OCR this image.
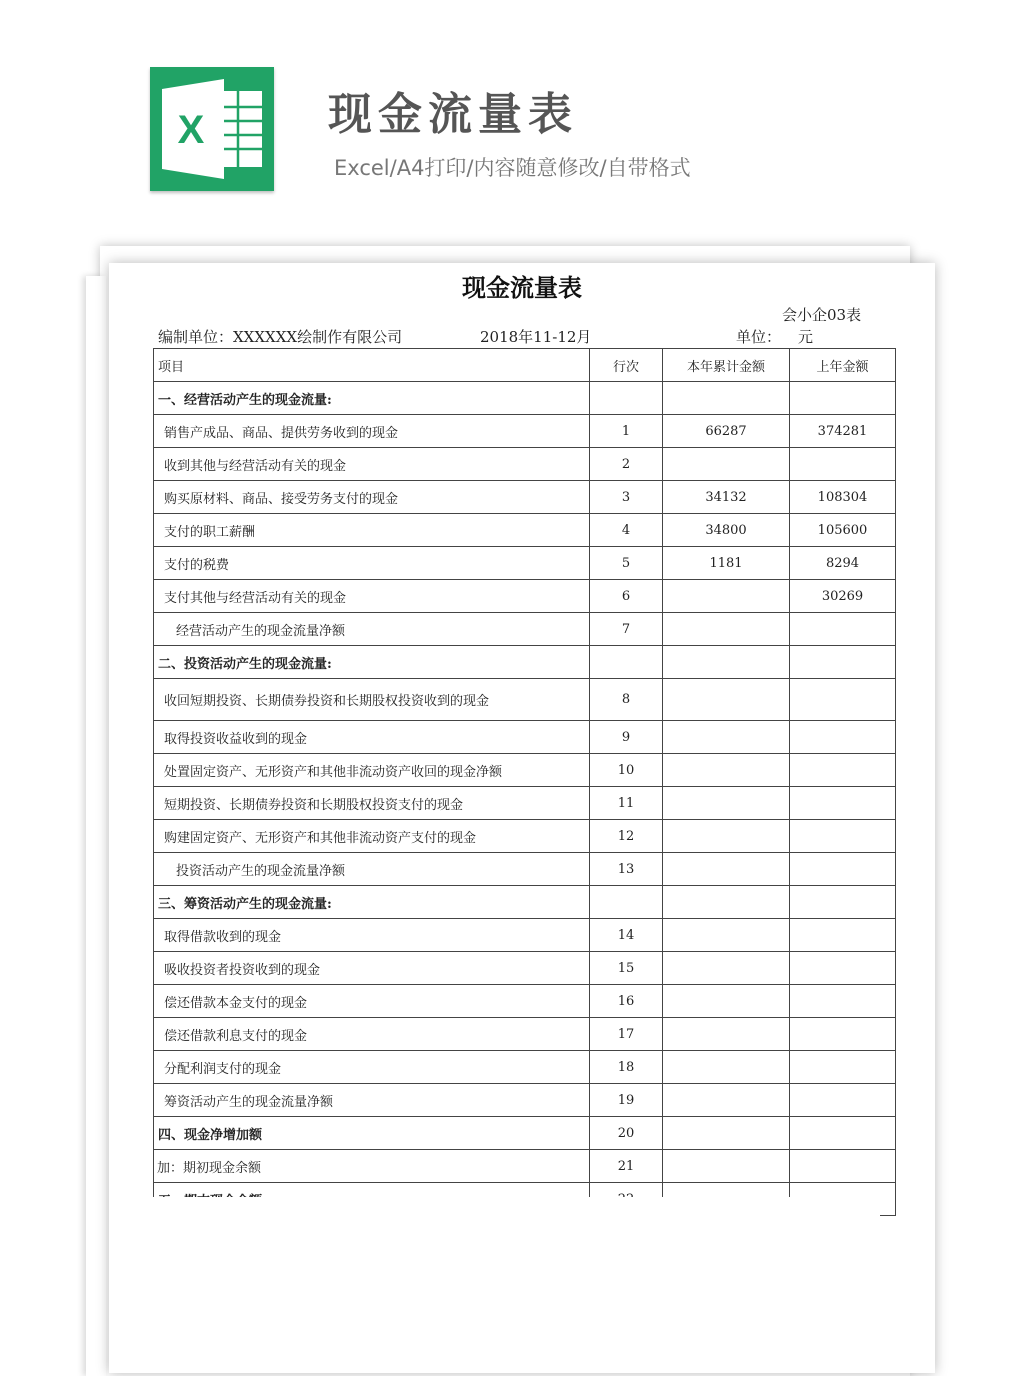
X	现金流量表
Excel/A4打印/内容随意修改/自带格式
现金流量表
会小企03表
编制单位：XXXXXX绘制作有限公司	2018年11-12月	单位： 元
项目	行次	本年累计金额	上年金额
一、经营活动产生的现金流量:			
销售产成品、商品、提供劳务收到的现金	1	66287	374281
收到其他与经营活动有关的现金	2		
购买原材料、商品、接受劳务支付的现金	3	34132	108304
支付的职工薪酬	4	34800	105600
支付的税费	5	1181	8294
支付其他与经营活动有关的现金	6		30269
经营活动产生的现金流量净额	7		
二、投资活动产生的现金流量:			
收回短期投资、长期债券投资和长期股权投资收到的现金	8		
取得投资收益收到的现金	9		
处置固定资产、无形资产和其他非流动资产收回的现金净额	10		
短期投资、长期债券投资和长期股权投资支付的现金	11		
购建固定资产、无形资产和其他非流动资产支付的现金	12		
投资活动产生的现金流量净额	13		
三、筹资活动产生的现金流量:			
取得借款收到的现金	14		
吸收投资者投资收到的现金	15		
偿还借款本金支付的现金	16		
偿还借款利息支付的现金	17		
分配利润支付的现金	18		
筹资活动产生的现金流量净额	19		
四、现金净增加额	20		
加：期初现金余额	21		
